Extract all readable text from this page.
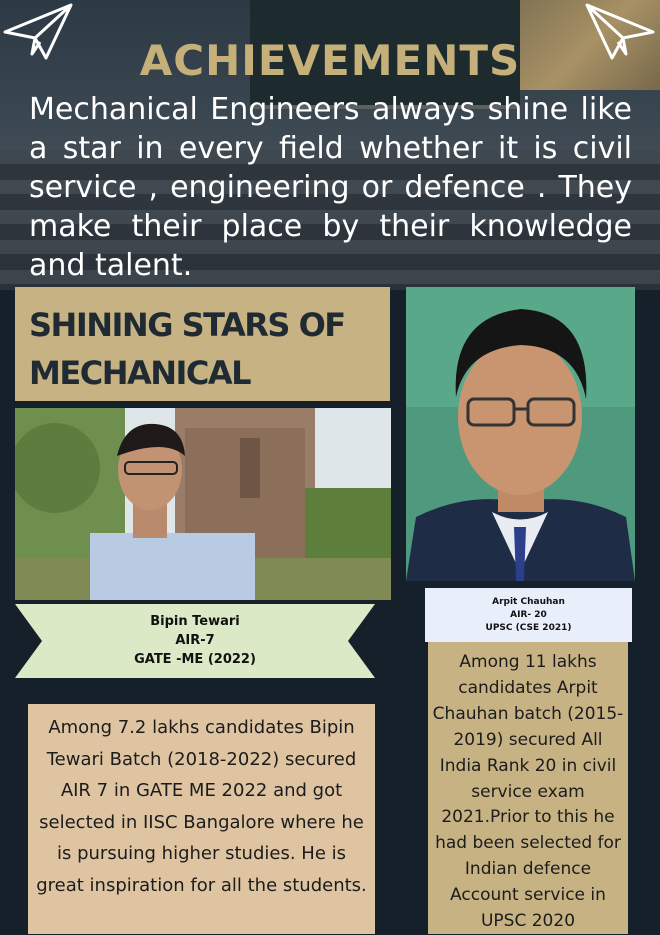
ACHIEVEMENTS
Mechanical Engineers always shine like a star in every field whether it is civil service , engineering or defence . They make their place by their knowledge and talent.
SHINING STARS OF
MECHANICAL
Bipin Tewari
AIR-7
GATE -ME (2022)
Arpit Chauhan
AIR- 20
UPSC (CSE 2021)
Among 7.2 lakhs candidates Bipin Tewari Batch (2018-2022) secured AIR 7 in GATE ME 2022 and got selected in IISC Bangalore where he is pursuing higher studies. He is great inspiration for all the students.
Among 11 lakhs candidates Arpit Chauhan batch (2015-2019) secured All India Rank 20 in civil service exam 2021.Prior to this he had been selected for Indian defence Account service in UPSC 2020
